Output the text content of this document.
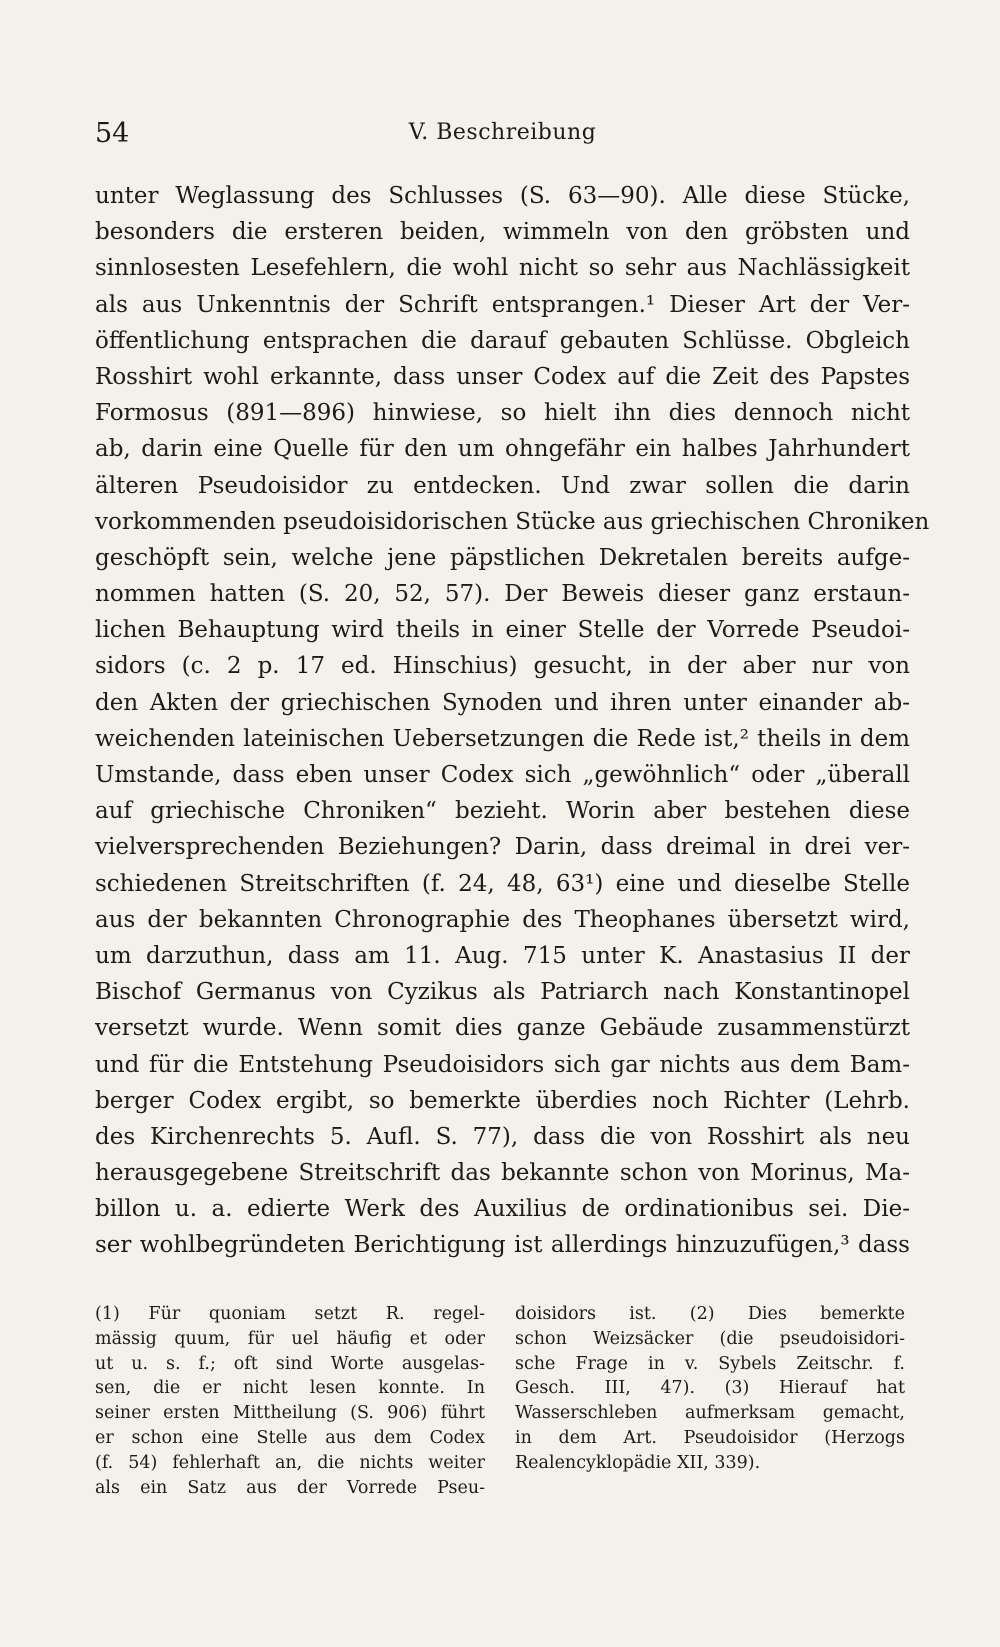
54	V. Beschreibung
unter Weglassung des Schlusses (S. 63—90). Alle diese Stücke,
besonders die ersteren beiden, wimmeln von den gröbsten und
sinnlosesten Lesefehlern, die wohl nicht so sehr aus Nachlässigkeit
als aus Unkenntnis der Schrift entsprangen.¹ Dieser Art der Ver-
öffentlichung entsprachen die darauf gebauten Schlüsse. Obgleich
Rosshirt wohl erkannte, dass unser Codex auf die Zeit des Papstes
Formosus (891—896) hinwiese, so hielt ihn dies dennoch nicht
ab, darin eine Quelle für den um ohngefähr ein halbes Jahrhundert
älteren Pseudoisidor zu entdecken. Und zwar sollen die darin
vorkommenden pseudoisidorischen Stücke aus griechischen Chroniken
geschöpft sein, welche jene päpstlichen Dekretalen bereits aufge-
nommen hatten (S. 20, 52, 57). Der Beweis dieser ganz erstaun-
lichen Behauptung wird theils in einer Stelle der Vorrede Pseudoi-
sidors (c. 2 p. 17 ed. Hinschius) gesucht, in der aber nur von
den Akten der griechischen Synoden und ihren unter einander ab-
weichenden lateinischen Uebersetzungen die Rede ist,² theils in dem
Umstande, dass eben unser Codex sich „gewöhnlich“ oder „überall
auf griechische Chroniken“ bezieht. Worin aber bestehen diese
vielversprechenden Beziehungen? Darin, dass dreimal in drei ver-
schiedenen Streitschriften (f. 24, 48, 63¹) eine und dieselbe Stelle
aus der bekannten Chronographie des Theophanes übersetzt wird,
um darzuthun, dass am 11. Aug. 715 unter K. Anastasius II der
Bischof Germanus von Cyzikus als Patriarch nach Konstantinopel
versetzt wurde. Wenn somit dies ganze Gebäude zusammenstürzt
und für die Entstehung Pseudoisidors sich gar nichts aus dem Bam-
berger Codex ergibt, so bemerkte überdies noch Richter (Lehrb.
des Kirchenrechts 5. Aufl. S. 77), dass die von Rosshirt als neu
herausgegebene Streitschrift das bekannte schon von Morinus, Ma-
billon u. a. edierte Werk des Auxilius de ordinationibus sei. Die-
ser wohlbegründeten Berichtigung ist allerdings hinzuzufügen,³ dass
(1) Für quoniam setzt R. regel-
mässig quum, für uel häufig et oder
ut u. s. f.; oft sind Worte ausgelas-
sen, die er nicht lesen konnte. In
seiner ersten Mittheilung (S. 906) führt
er schon eine Stelle aus dem Codex
(f. 54) fehlerhaft an, die nichts weiter
als ein Satz aus der Vorrede Pseu-
doisidors ist. (2) Dies bemerkte
schon Weizsäcker (die pseudoisidori-
sche Frage in v. Sybels Zeitschr. f.
Gesch. III, 47). (3) Hierauf hat
Wasserschleben aufmerksam gemacht,
in dem Art. Pseudoisidor (Herzogs
Realencyklopädie XII, 339).
